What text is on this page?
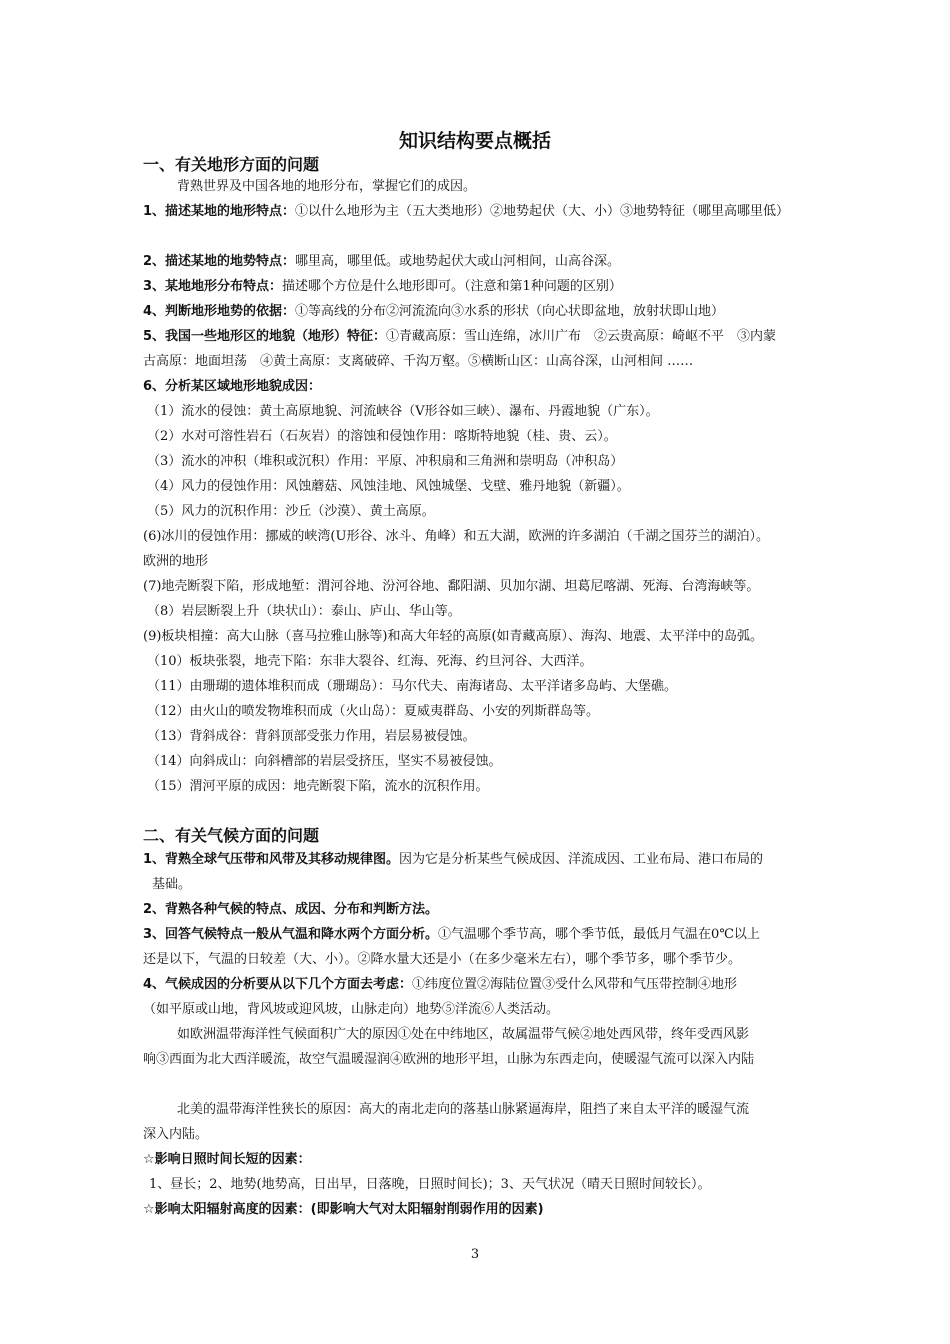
知识结构要点概括
一、有关地形方面的问题
背熟世界及中国各地的地形分布，掌握它们的成因。
1、描述某地的地形特点：①以什么地形为主（五大类地形）②地势起伏（大、小）③地势特征（哪里高哪里低）
2、描述某地的地势特点：哪里高，哪里低。或地势起伏大或山河相间，山高谷深。
3、某地地形分布特点：描述哪个方位是什么地形即可。（注意和第1种问题的区别）
4、判断地形地势的依据：①等高线的分布②河流流向③水系的形状（向心状即盆地，放射状即山地）
5、我国一些地形区的地貌（地形）特征：①青藏高原：雪山连绵，冰川广布　②云贵高原：崎岖不平　③内蒙
古高原：地面坦荡　④黄土高原：支离破碎、千沟万壑。⑤横断山区：山高谷深，山河相间 ……
6、分析某区域地形地貌成因：
（1）流水的侵蚀：黄土高原地貌、河流峡谷（V形谷如三峡）、瀑布、丹霞地貌（广东）。
（2）水对可溶性岩石（石灰岩）的溶蚀和侵蚀作用：喀斯特地貌（桂、贵、云）。
（3）流水的冲积（堆积或沉积）作用：平原、冲积扇和三角洲和崇明岛（冲积岛）
（4）风力的侵蚀作用：风蚀蘑菇、风蚀洼地、风蚀城堡、戈壁、雅丹地貌（新疆）。
（5）风力的沉积作用：沙丘（沙漠）、黄土高原。
(6)冰川的侵蚀作用：挪威的峡湾(U形谷、冰斗、角峰）和五大湖，欧洲的许多湖泊（千湖之国芬兰的湖泊）。
欧洲的地形
(7)地壳断裂下陷，形成地堑：渭河谷地、汾河谷地、鄱阳湖、贝加尔湖、坦葛尼喀湖、死海、台湾海峡等。
（8）岩层断裂上升（块状山）：泰山、庐山、华山等。
(9)板块相撞：高大山脉（喜马拉雅山脉等)和高大年轻的高原(如青藏高原）、海沟、地震、太平洋中的岛弧。
（10）板块张裂，地壳下陷：东非大裂谷、红海、死海、约旦河谷、大西洋。
（11）由珊瑚的遗体堆积而成（珊瑚岛）：马尔代夫、南海诸岛、太平洋诸多岛屿、大堡礁。
（12）由火山的喷发物堆积而成（火山岛）：夏威夷群岛、小安的列斯群岛等。
（13）背斜成谷：背斜顶部受张力作用，岩层易被侵蚀。
（14）向斜成山：向斜槽部的岩层受挤压，坚实不易被侵蚀。
（15）渭河平原的成因：地壳断裂下陷，流水的沉积作用。
二、有关气候方面的问题
1、背熟全球气压带和风带及其移动规律图。因为它是分析某些气候成因、洋流成因、工业布局、港口布局的
基础。
2、背熟各种气候的特点、成因、分布和判断方法。
3、回答气候特点一般从气温和降水两个方面分析。①气温哪个季节高，哪个季节低，最低月气温在0℃以上
还是以下，气温的日较差（大、小）。②降水量大还是小（在多少毫米左右），哪个季节多，哪个季节少。
4、气候成因的分析要从以下几个方面去考虑：①纬度位置②海陆位置③受什么风带和气压带控制④地形
（如平原或山地，背风坡或迎风坡，山脉走向）地势⑤洋流⑥人类活动。
如欧洲温带海洋性气候面积广大的原因①处在中纬地区，故属温带气候②地处西风带，终年受西风影
响③西面为北大西洋暖流，故空气温暖湿润④欧洲的地形平坦，山脉为东西走向，使暖湿气流可以深入内陆
北美的温带海洋性狭长的原因：高大的南北走向的落基山脉紧逼海岸，阻挡了来自太平洋的暖湿气流
深入内陆。
☆影响日照时间长短的因素：
1、昼长；2、地势(地势高，日出早，日落晚，日照时间长)；3、天气状况（晴天日照时间较长）。
☆影响太阳辐射高度的因素：(即影响大气对太阳辐射削弱作用的因素)
3
